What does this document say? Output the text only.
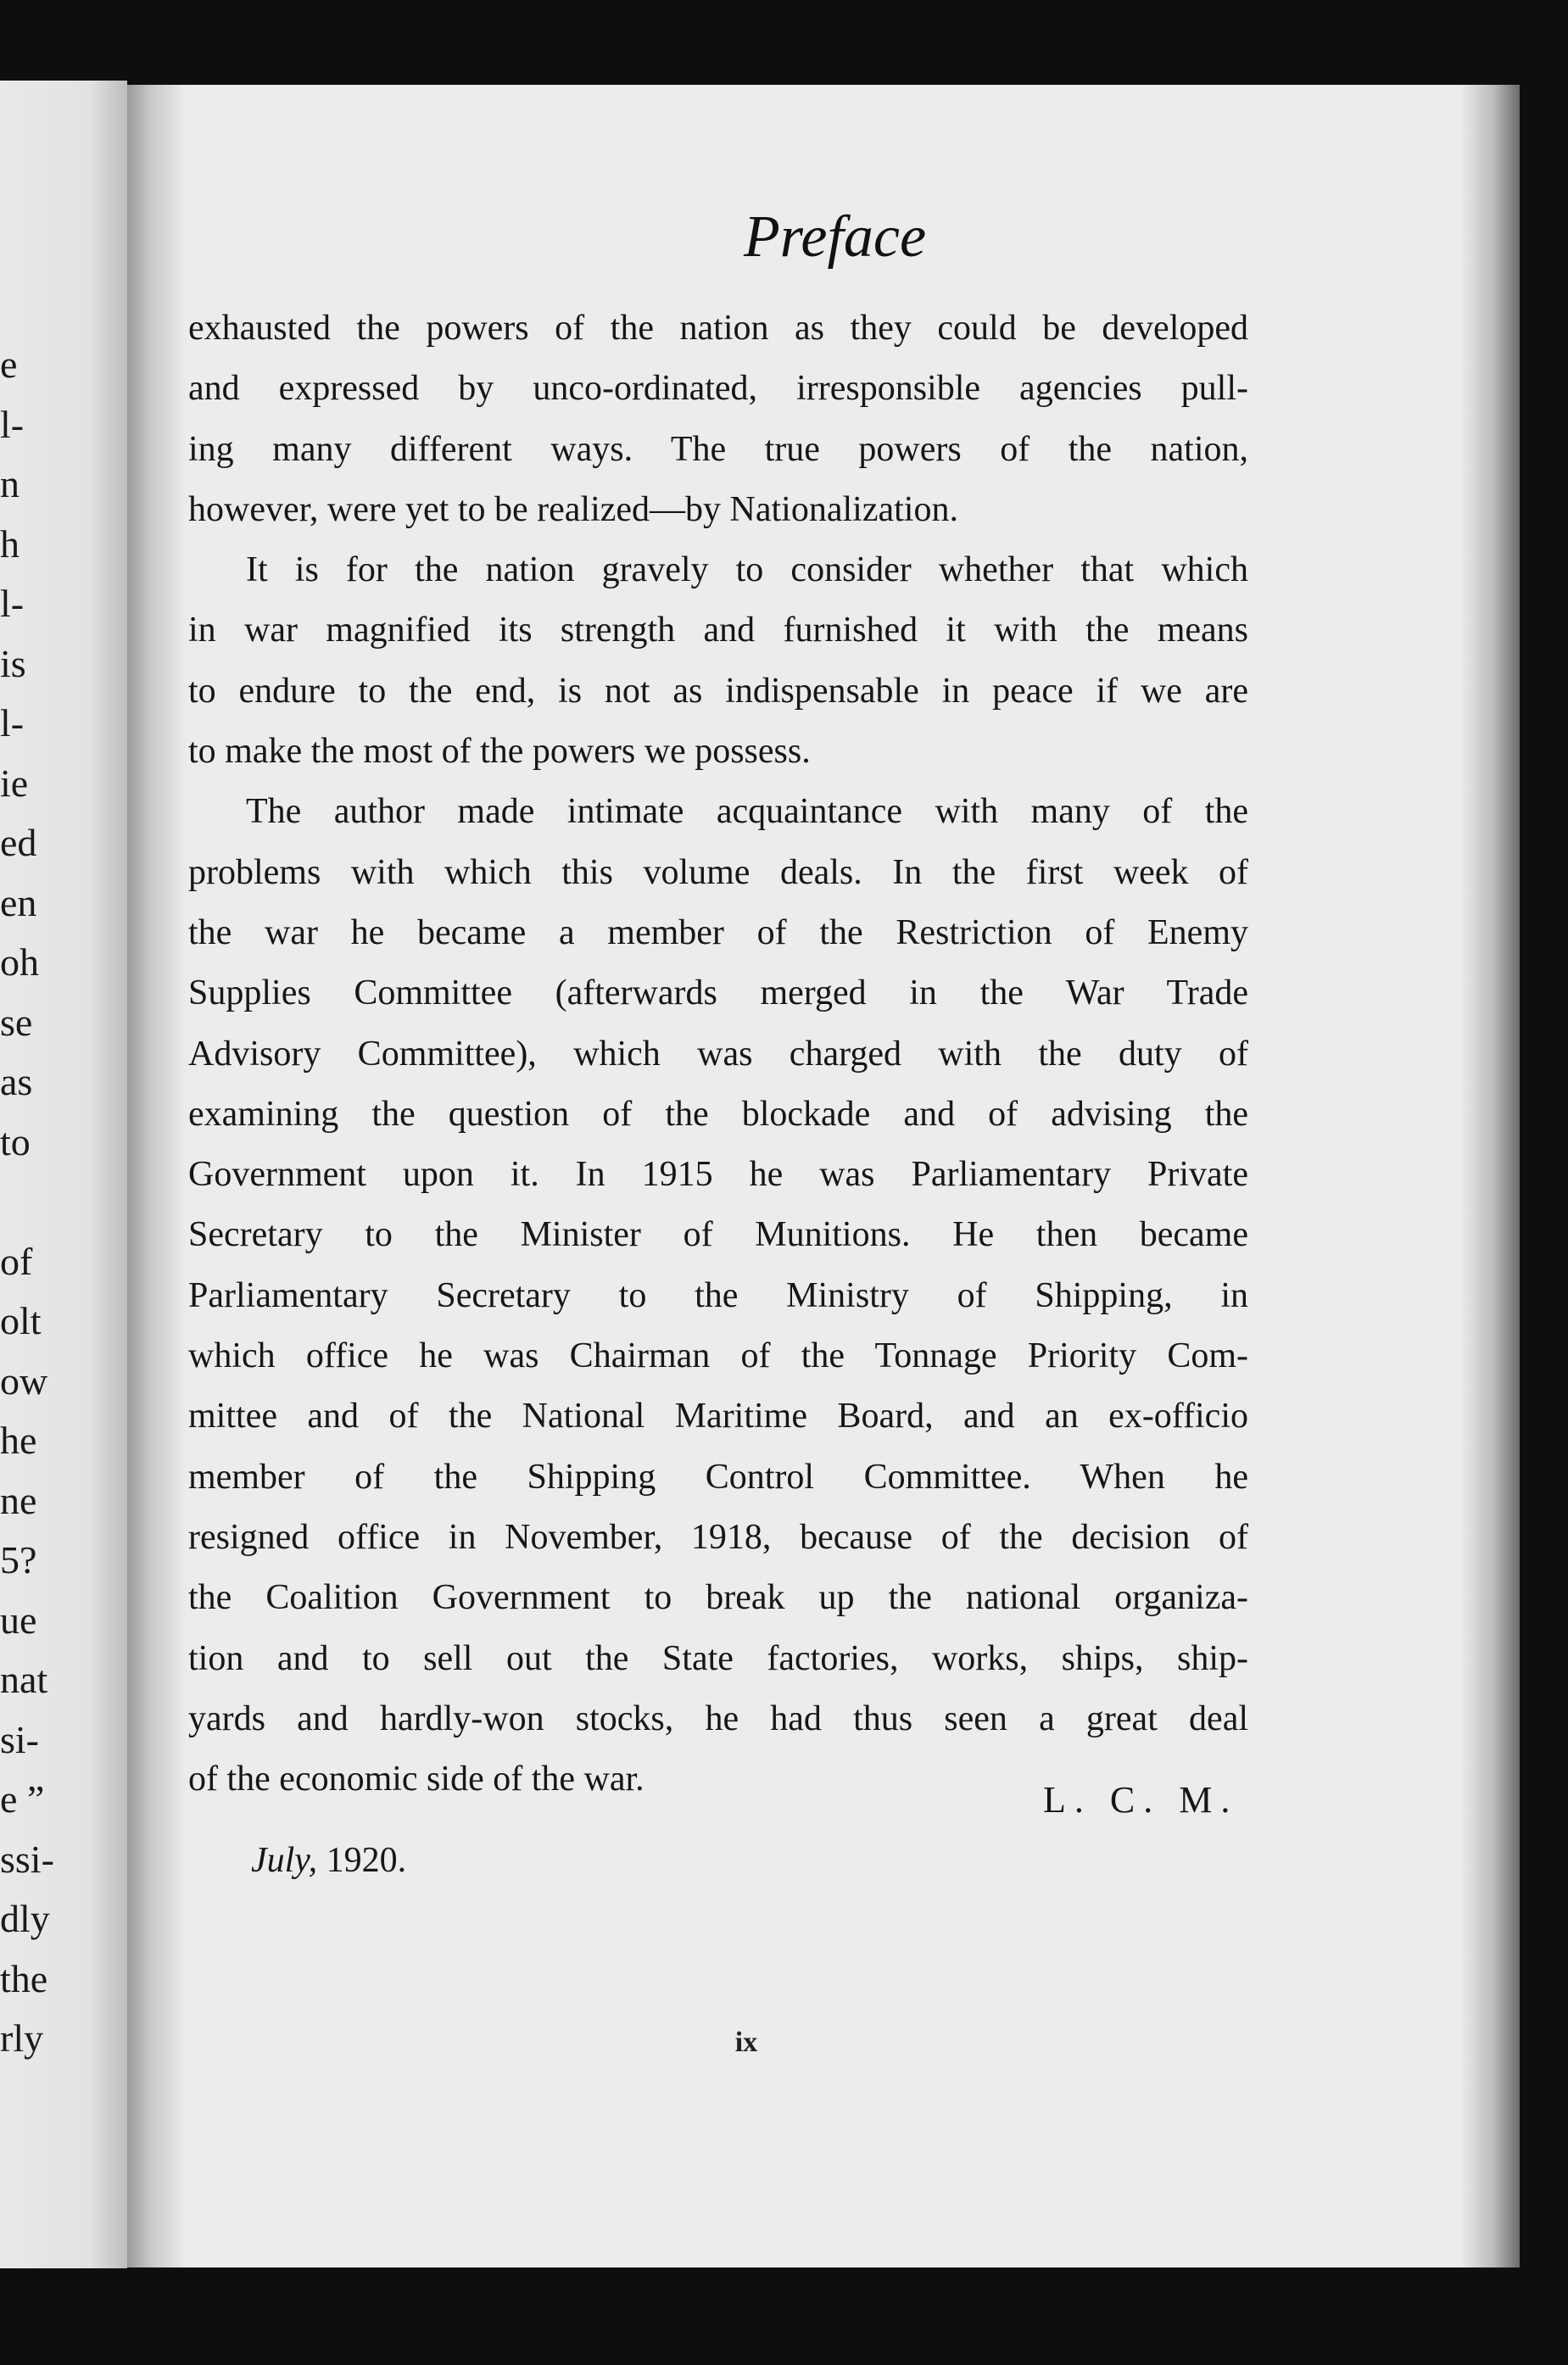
e
l-
n
h
l-
is
l-
ie
ed
en
oh
se
as
to
of
olt
ow
he
ne
5?
ue
nat
si-
e ”
ssi-
dly
the
rly
Preface
exhausted the powers of the nation as they could be developed
and expressed by unco-ordinated, irresponsible agencies pull-
ing many different ways. The true powers of the nation,
however, were yet to be realized—by Nationalization.
It is for the nation gravely to consider whether that which
in war magnified its strength and furnished it with the means
to endure to the end, is not as indispensable in peace if we are
to make the most of the powers we possess.
The author made intimate acquaintance with many of the
problems with which this volume deals. In the first week of
the war he became a member of the Restriction of Enemy
Supplies Committee (afterwards merged in the War Trade
Advisory Committee), which was charged with the duty of
examining the question of the blockade and of advising the
Government upon it. In 1915 he was Parliamentary Private
Secretary to the Minister of Munitions. He then became
Parliamentary Secretary to the Ministry of Shipping, in
which office he was Chairman of the Tonnage Priority Com-
mittee and of the National Maritime Board, and an ex-officio
member of the Shipping Control Committee. When he
resigned office in November, 1918, because of the decision of
the Coalition Government to break up the national organiza-
tion and to sell out the State factories, works, ships, ship-
yards and hardly-won stocks, he had thus seen a great deal
of the economic side of the war.	L. C. M.
July, 1920.
ix
